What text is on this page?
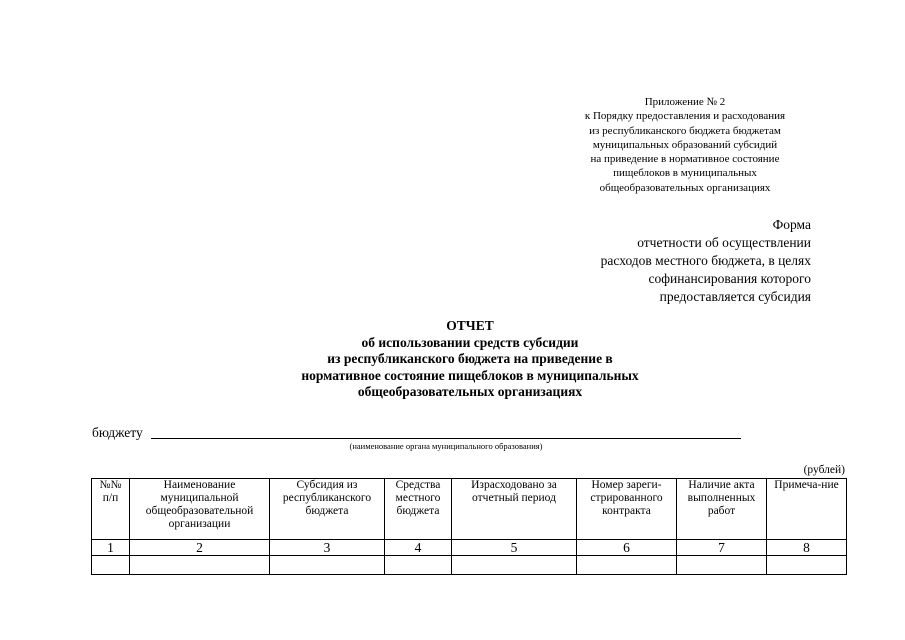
Приложение № 2
к Порядку предоставления и расходования
из республиканского бюджета бюджетам
муниципальных образований субсидий
на приведение в нормативное состояние
пищеблоков в муниципальных
общеобразовательных организациях
Форма
отчетности об осуществлении
расходов местного бюджета, в целях
софинансирования которого
предоставляется субсидия
ОТЧЕТ
об использовании средств субсидии
из республиканского бюджета на приведение в
нормативное состояние пищеблоков в муниципальных
общеобразовательных организациях
бюджету
(наименование органа муниципального образования)
(рублей)
№№ п/п	Наименование муниципальной общеобразовательной организации	Субсидия из республиканского бюджета	Средства местного бюджета	Израсходовано за отчетный период	Номер зареги-стрированного контракта	Наличие акта выполненных работ	Примеча-ние
1	2	3	4	5	6	7	8
